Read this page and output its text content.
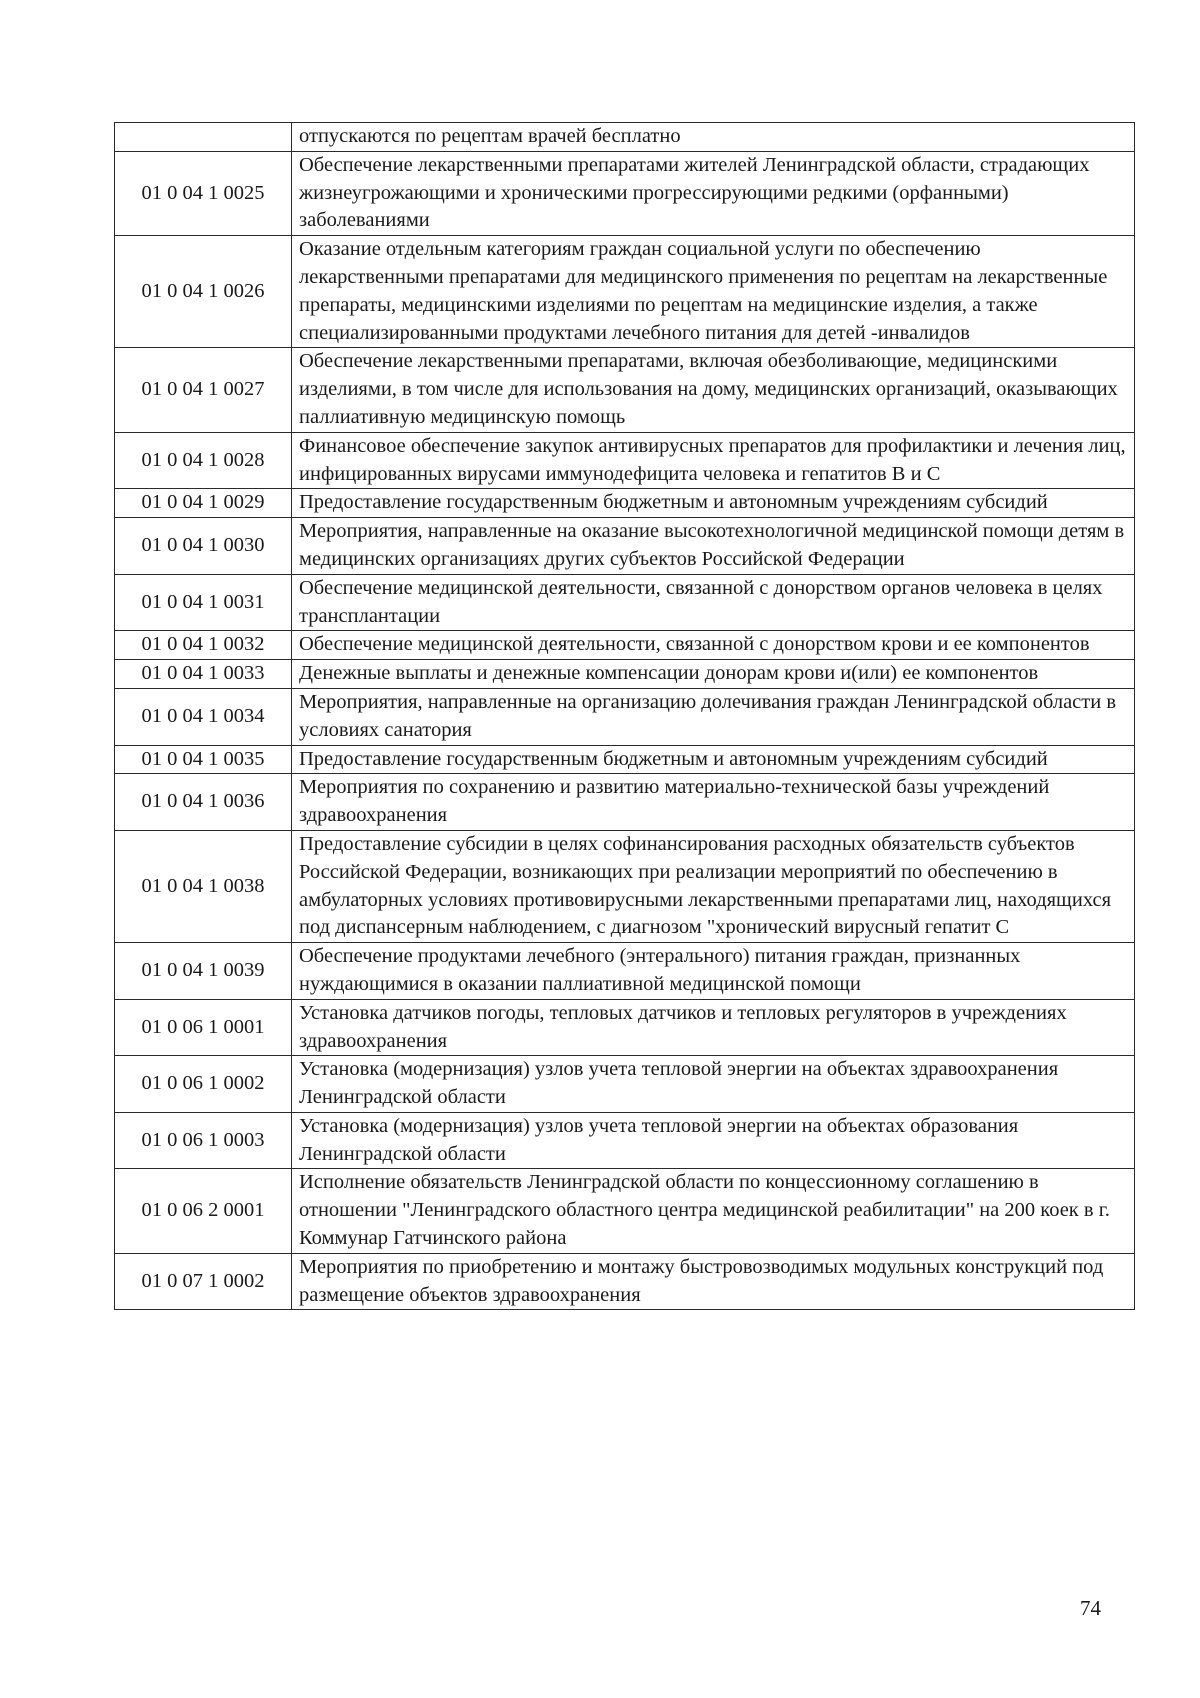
	отпускаются по рецептам врачей бесплатно
01 0 04 1 0025	Обеспечение лекарственными препаратами жителей Ленинградской области, страдающих жизнеугрожающими и хроническими прогрессирующими редкими (орфанными) заболеваниями
01 0 04 1 0026	Оказание отдельным категориям граждан социальной услуги по обеспечению лекарственными препаратами для медицинского применения по рецептам на лекарственные препараты, медицинскими изделиями по рецептам на медицинские изделия, а также специализированными продуктами лечебного питания для детей -инвалидов
01 0 04 1 0027	Обеспечение лекарственными препаратами, включая обезболивающие, медицинскими изделиями, в том числе для использования на дому, медицинских организаций, оказывающих паллиативную медицинскую помощь
01 0 04 1 0028	Финансовое обеспечение закупок антивирусных препаратов для профилактики и лечения лиц, инфицированных вирусами иммунодефицита человека и гепатитов В и С
01 0 04 1 0029	Предоставление государственным бюджетным и автономным учреждениям субсидий
01 0 04 1 0030	Мероприятия, направленные на оказание высокотехнологичной медицинской помощи детям в медицинских организациях других субъектов Российской Федерации
01 0 04 1 0031	Обеспечение медицинской деятельности, связанной с донорством органов человека в целях трансплантации
01 0 04 1 0032	Обеспечение медицинской деятельности, связанной с донорством крови и ее компонентов
01 0 04 1 0033	Денежные выплаты и денежные компенсации донорам крови и(или) ее компонентов
01 0 04 1 0034	Мероприятия, направленные на организацию долечивания граждан Ленинградской области в условиях санатория
01 0 04 1 0035	Предоставление государственным бюджетным и автономным учреждениям субсидий
01 0 04 1 0036	Мероприятия по сохранению и развитию материально-технической базы учреждений здравоохранения
01 0 04 1 0038	Предоставление субсидии в целях софинансирования расходных обязательств субъектов Российской Федерации, возникающих при реализации мероприятий по обеспечению в амбулаторных условиях противовирусными лекарственными препаратами лиц, находящихся под диспансерным наблюдением, с диагнозом "хронический вирусный гепатит С
01 0 04 1 0039	Обеспечение продуктами лечебного (энтерального) питания граждан, признанных нуждающимися в оказании паллиативной медицинской помощи
01 0 06 1 0001	Установка датчиков погоды, тепловых датчиков и тепловых регуляторов в учреждениях здравоохранения
01 0 06 1 0002	Установка (модернизация) узлов учета тепловой энергии на объектах здравоохранения Ленинградской области
01 0 06 1 0003	Установка (модернизация) узлов учета тепловой энергии на объектах образования Ленинградской области
01 0 06 2 0001	Исполнение обязательств Ленинградской области по концессионному соглашению в отношении "Ленинградского областного центра медицинской реабилитации" на 200 коек в г. Коммунар Гатчинского района
01 0 07 1 0002	Мероприятия по приобретению и монтажу быстровозводимых модульных конструкций под размещение объектов здравоохранения
74
